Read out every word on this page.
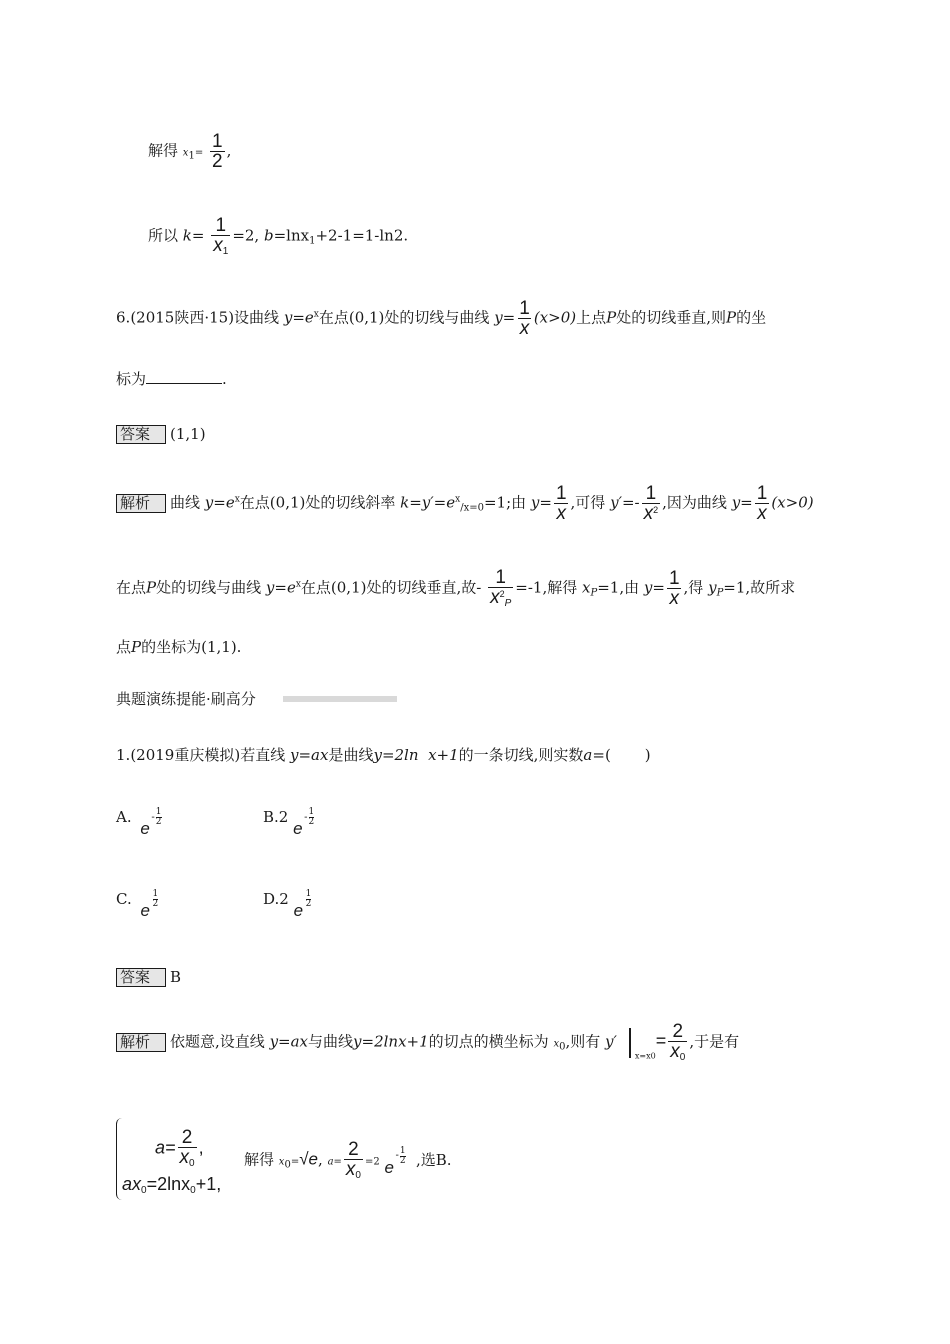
解得 $x_1= \frac{1}{2}$ ,
所以 $k= \frac{1}{x_1} =2$, b=lnx$_1$+2-1=1-ln2.
6.(2015陕西·15)设曲线 $y=e^x$在点(0,1)处的切线与曲线 $y= \frac{1}{x} (x>0)$上点P处的切线垂直,则P的坐
标为	.
答案 (1,1)
解析 曲线 $y=e^x$在点(0,1)处的切线斜率 $k=y'=e^x_{/x=0}=1$;由 $y= \frac{1}{x}$ ,可得 $y'=- \frac{1}{x^2}$ ,因为曲线 $y= \frac{1}{x} (x>0)$
在点P处的切线与曲线 $y=e^x$在点(0,1)处的切线垂直,故- $\frac{1}{x^2_P} =-1$,解得 $x_P=1$,由 $y= \frac{1}{x}$ ,得 $y_P=1$,故所求
点P的坐标为(1,1).
典题演练提能·刷高分
1.(2019重庆模拟)若直线 y=ax是曲线y=2ln x+1的一条切线,则实数a=( )
A. e
- 1
2	B.2 e
- 1
2
C. e
1
2	D.2 e
1
2
答案 B
解析 依题意,设直线 y=ax与曲线y=2lnx+1的切点的横坐标为 $x_0$,则有 $y'_{x=x0}= \frac{2}{x_0}$ ,于是有
$a= \frac{2}{x_0}$ ,
$ax_0=2\ln x_0+1$,
解得 $x_0=√e$, $a= \frac{2}{x_0} =2$ e
- 1
2 ,选B.
